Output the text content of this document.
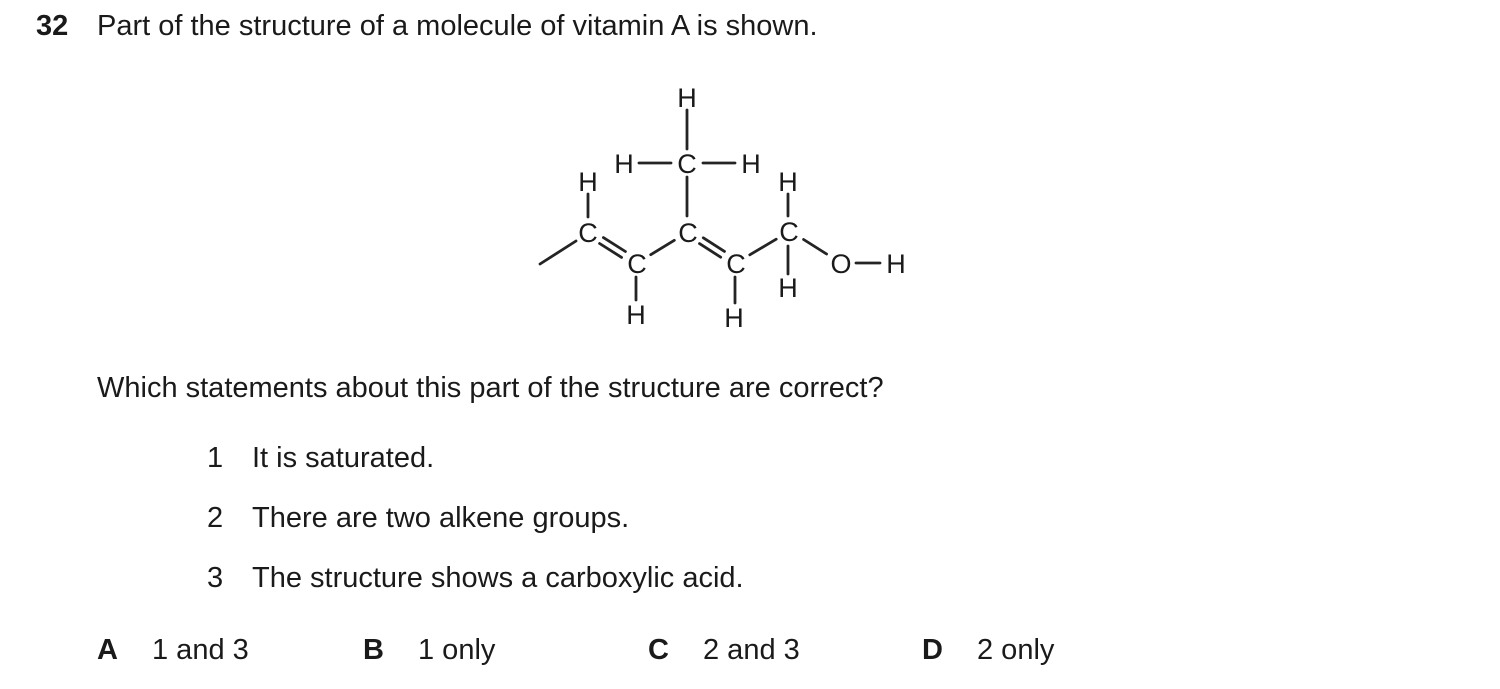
32 Part of the structure of a molecule of vitamin A is shown.
H
C
H	H
H
C
C
H
C
C
H
H
C
H
O H
Which statements about this part of the structure are correct?
1 It is saturated.
2 There are two alkene groups.
3 The structure shows a carboxylic acid.
A	1 and 3	B	1 only	C	2 and 3	D	2 only
